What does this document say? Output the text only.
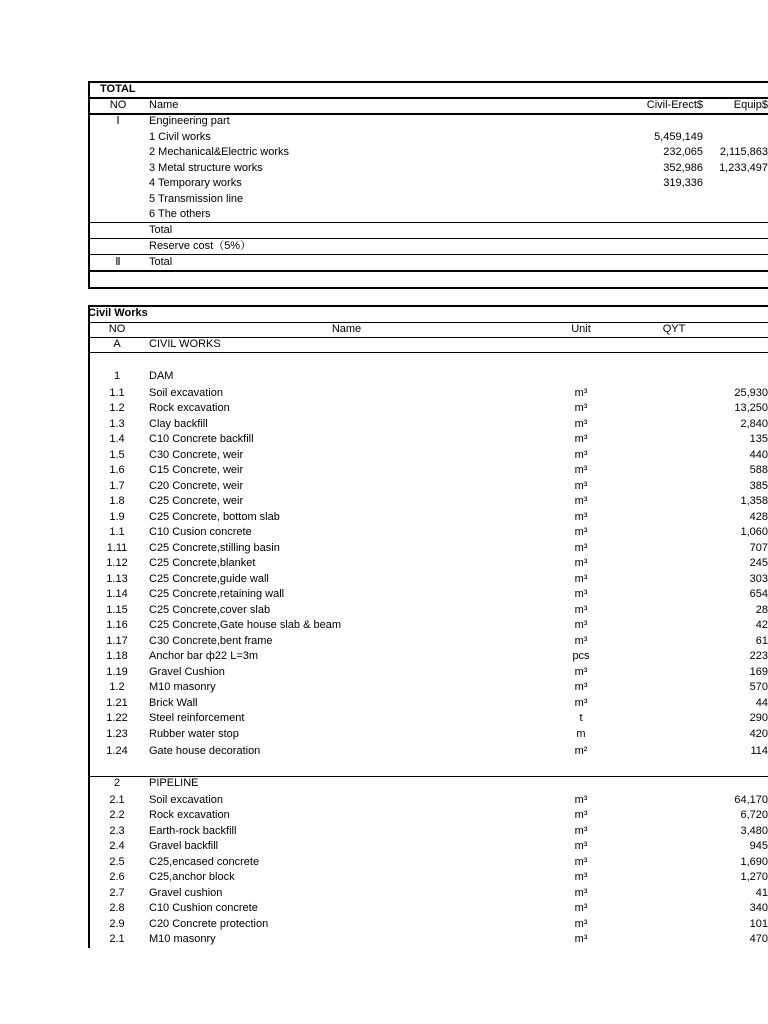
TOTAL
NO	Name	Civil-Erect$	Equip$
Ⅰ	Engineering part
1 Civil works	5,459,149
2 Mechanical&Electric works	232,065	2,115,863
3 Metal structure works	352,986	1,233,497
4 Temporary works	319,336
5 Transmission line
6 The others
Total
Reserve cost（5%）
Ⅱ	Total
Civil Works
NO	Name	Unit	QYT
A	CIVIL WORKS
1	DAM
1.1	Soil excavation	m³	25,930
1.2	Rock excavation	m³	13,250
1.3	Clay backfill	m³	2,840
1.4	C10 Concrete backfill	m³	135
1.5	C30 Concrete, weir	m³	440
1.6	C15 Concrete, weir	m³	588
1.7	C20 Concrete, weir	m³	385
1.8	C25 Concrete, weir	m³	1,358
1.9	C25 Concrete, bottom slab	m³	428
1.1	C10 Cusion concrete	m³	1,060
1.11	C25 Concrete,stilling basin	m³	707
1.12	C25 Concrete,blanket	m³	245
1.13	C25 Concrete,guide wall	m³	303
1.14	C25 Concrete,retaining wall	m³	654
1.15	C25 Concrete,cover slab	m³	28
1.16	C25 Concrete,Gate house slab & beam	m³	42
1.17	C30 Concrete,bent frame	m³	61
1.18	Anchor bar ф22 L=3m	pcs	223
1.19	Gravel Cushion	m³	169
1.2	M10 masonry	m³	570
1.21	Brick Wall	m³	44
1.22	Steel reinforcement	t	290
1.23	Rubber water stop	m	420
1.24	Gate house decoration	m²	114
2	PIPELINE
2.1	Soil excavation	m³	64,170
2.2	Rock excavation	m³	6,720
2.3	Earth-rock backfill	m³	3,480
2.4	Gravel backfill	m³	945
2.5	C25,encased concrete	m³	1,690
2.6	C25,anchor block	m³	1,270
2.7	Gravel cushion	m³	41
2.8	C10 Cushion concrete	m³	340
2.9	C20 Concrete protection	m³	101
2.1	M10 masonry	m³	470
